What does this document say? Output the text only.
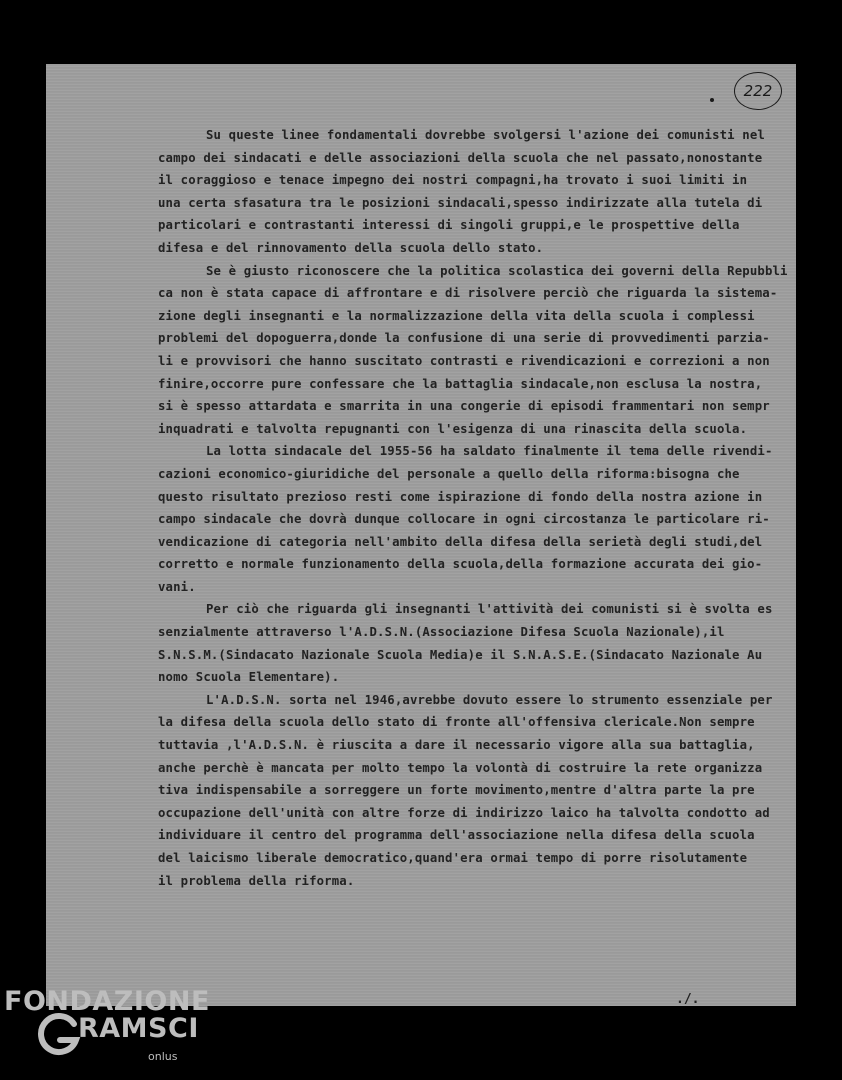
222

Su queste linee fondamentali dovrebbe svolgersi l'azione dei comunisti nel
campo dei sindacati e delle associazioni della scuola che nel passato,nonostante
il coraggioso e tenace impegno dei nostri compagni,ha trovato i suoi limiti in
una certa sfasatura tra le posizioni sindacali,spesso indirizzate alla tutela di
particolari e contrastanti interessi di singoli gruppi,e le prospettive della
difesa e del rinnovamento della scuola dello stato.

Se è giusto riconoscere che la politica scolastica dei governi della Repubbli
ca non è stata capace di affrontare e di risolvere perciò che riguarda la sistema-
zione degli insegnanti e la normalizzazione della vita della scuola i complessi
problemi del dopoguerra,donde la confusione di una serie di provvedimenti parzia-
li e provvisori che hanno suscitato contrasti e rivendicazioni e correzioni a non
finire,occorre pure confessare che la battaglia sindacale,non esclusa la nostra,
si è spesso attardata e smarrita in una congerie di episodi frammentari non sempr
inquadrati e talvolta repugnanti con l'esigenza di una rinascita della scuola.

La lotta sindacale del 1955-56 ha saldato finalmente il tema delle rivendi-
cazioni economico-giuridiche del personale a quello della riforma:bisogna che
questo risultato prezioso resti come ispirazione di fondo della nostra azione in
campo sindacale che dovrà dunque collocare in ogni circostanza le particolare ri-
vendicazione di categoria nell'ambito della difesa della serietà degli studi,del
corretto e normale funzionamento della scuola,della formazione accurata dei gio-
vani.

Per ciò che riguarda gli insegnanti l'attività dei comunisti si è svolta es
senzialmente attraverso l'A.D.S.N.(Associazione Difesa Scuola Nazionale),il
S.N.S.M.(Sindacato Nazionale Scuola Media)e il S.N.A.S.E.(Sindacato Nazionale Au
nomo Scuola Elementare).

L'A.D.S.N. sorta nel 1946,avrebbe dovuto essere lo strumento essenziale per
la difesa della scuola dello stato di fronte all'offensiva clericale.Non sempre
tuttavia ,l'A.D.S.N. è riuscita a dare il necessario vigore alla sua battaglia,
anche perchè è mancata per molto tempo la volontà di costruire la rete organizza
tiva indispensabile a sorreggere un forte movimento,mentre d'altra parte la pre
occupazione dell'unità con altre forze di indirizzo laico ha talvolta condotto ad
individuare il centro del programma dell'associazione nella difesa della scuola
del laicismo liberale democratico,quand'era ormai tempo di porre risolutamente
il problema della riforma.

./.
FONDAZIONE
RAMSCI
onlus
